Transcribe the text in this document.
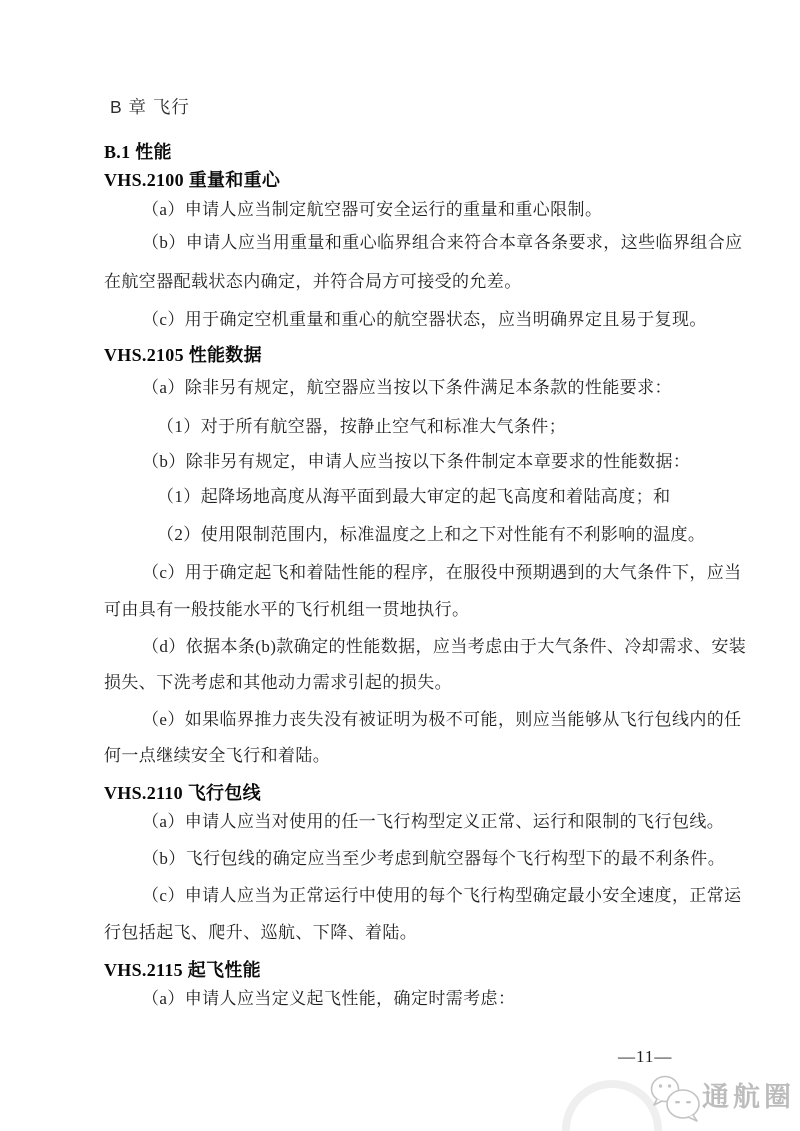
B 章 飞行
B.1 性能
VHS.2100 重量和重心
（a）申请人应当制定航空器可安全运行的重量和重心限制。
（b）申请人应当用重量和重心临界组合来符合本章各条要求，这些临界组合应
在航空器配载状态内确定，并符合局方可接受的允差。
（c）用于确定空机重量和重心的航空器状态，应当明确界定且易于复现。
VHS.2105 性能数据
（a）除非另有规定，航空器应当按以下条件满足本条款的性能要求：
（1）对于所有航空器，按静止空气和标准大气条件；
（b）除非另有规定，申请人应当按以下条件制定本章要求的性能数据：
（1）起降场地高度从海平面到最大审定的起飞高度和着陆高度；和
（2）使用限制范围内，标准温度之上和之下对性能有不利影响的温度。
（c）用于确定起飞和着陆性能的程序，在服役中预期遇到的大气条件下，应当
可由具有一般技能水平的飞行机组一贯地执行。
（d）依据本条(b)款确定的性能数据，应当考虑由于大气条件、冷却需求、安装
损失、下洗考虑和其他动力需求引起的损失。
（e）如果临界推力丧失没有被证明为极不可能，则应当能够从飞行包线内的任
何一点继续安全飞行和着陆。
VHS.2110 飞行包线
（a）申请人应当对使用的任一飞行构型定义正常、运行和限制的飞行包线。
（b）飞行包线的确定应当至少考虑到航空器每个飞行构型下的最不利条件。
（c）申请人应当为正常运行中使用的每个飞行构型确定最小安全速度，正常运
行包括起飞、爬升、巡航、下降、着陆。
VHS.2115 起飞性能
（a）申请人应当定义起飞性能，确定时需考虑：
—11—
通航圈
